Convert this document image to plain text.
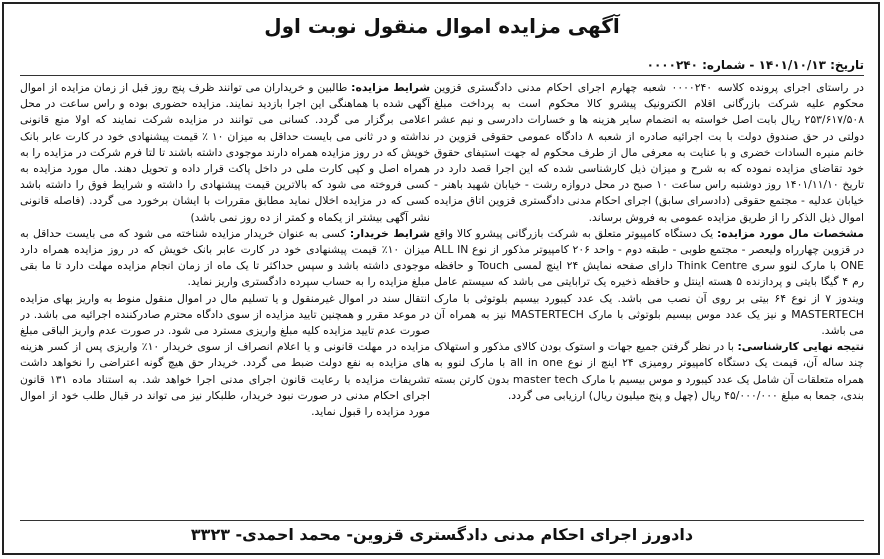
آگهی مزایده اموال منقول نوبت اول
تاریخ: ۱۴۰۱/۱۰/۱۳ - شماره: ۰۰۰۰۲۴۰

در راستای اجرای پرونده کلاسه ۰۰۰۰۲۴۰ شعبه چهارم اجرای احکام مدنی دادگستری قزوین محکوم علیه شرکت بازرگانی اقلام الکترونیک پیشرو کالا محکوم است به پرداخت مبلغ ۲۵۳/۶۱۷/۵۰۸ ریال بابت اصل خواسته به انضمام سایر هزینه ها و خسارات دادرسی و نیم عشر دولتی در حق صندوق دولت با بت اجرائیه صادره از شعبه ۸ دادگاه عمومی حقوقی قزوین در خانم منیره السادات خضری و با عنایت به معرفی مال از طرف محکوم له جهت استیفای حقوق خود تقاضای مزایده نموده که به شرح و میزان ذیل کارشناسی شده که این اجرا قصد دارد در تاریخ ۱۴۰۱/۱۱/۱۰ روز دوشنبه راس ساعت ۱۰ صبح در محل دروازه رشت - خیابان شهید باهنر - خیابان عدلیه - مجتمع حقوقی (دادسرای سابق) اجرای احکام مدنی دادگستری قزوین اتاق مزایده اموال ذیل الذکر را از طریق مزایده عمومی به فروش برساند.

مشخصات مال مورد مزایده: یک دستگاه کامپیوتر متعلق به شرکت بازرگانی پیشرو کالا واقع در قزوین چهارراه ولیعصر - مجتمع طوبی - طبقه دوم - واحد ۲۰۶ کامپیوتر مذکور از نوع ALL IN ONE با مارک لنوو سری Think Centre دارای صفحه نمایش ۲۴ اینچ لمسی Touch و حافظه رم ۴ گیگا بایتی و پردازنده ۵ هسته اینتل و حافظه ذخیره یک ترابایتی می باشد که سیستم عامل ویندوز ۷ از نوع ۶۴ بیتی بر روی آن نصب می باشد. یک عدد کیبورد بیسیم بلوتوثی با مارک MASTERTECH و نیز یک عدد موس بیسیم بلوتوثی با مارک MASTERTECH نیز به همراه آن می باشد.

نتیجه نهایی کارشناسی: با در نظر گرفتن جمیع جهات و استوک بودن کالای مذکور و استهلاک چند ساله آن، قیمت یک دستگاه کامپیوتر رومیزی ۲۴ اینچ از نوع all in one با مارک لنوو به همراه متعلقات آن شامل یک عدد کیبورد و موس بیسیم با مارک master tech بدون کارتن بسته بندی، جمعا به مبلغ ۴۵/۰۰۰/۰۰۰ ریال (چهل و پنج میلیون ریال) ارزیابی می گردد.

شرایط مزایده: طالبین و خریداران می توانند ظرف پنج روز قبل از زمان مزایده از اموال آگهی شده با هماهنگی این اجرا بازدید نمایند. مزایده حضوری بوده و راس ساعت در محل اعلامی برگزار می گردد. کسانی می توانند در مزایده شرکت نمایند که اولا منع قانونی نداشته و در ثانی می بایست حداقل به میزان ۱۰ ٪ قیمت پیشنهادی خود در کارت عابر بانک خویش که در روز مزایده همراه دارند موجودی داشته باشند تا لتا فرم شرکت در مزایده را به همراه اصل و کپی کارت ملی در داخل پاکت قرار داده و تحویل دهند. مال مورد مزایده به کسی فروخته می شود که بالاترین قیمت پیشنهادی را داشته و شرایط فوق را داشته باشد کسی که در مزایده اخلال نماید مطابق مقررات با ایشان برخورد می گردد. (فاصله قانونی نشر آگهی بیشتر از یکماه و کمتر از ده روز نمی باشد)

شرایط خریدار: کسی به عنوان خریدار مزایده شناخته می شود که می بایست حداقل به میزان ۱۰٪ قیمت پیشنهادی خود در کارت عابر بانک خویش که در روز مزایده همراه دارد موجودی داشته باشد و سپس حداکثر تا یک ماه از زمان انجام مزایده مهلت دارد تا ما بقی مبلغ مزایده را به حساب سپرده دادگستری واریز نماید.

انتقال سند در اموال غیرمنقول و یا تسلیم مال در اموال منقول منوط به واریز بهای مزایده در موعد مقرر و همچنین تایید مزایده از سوی دادگاه محترم صادرکننده اجرائیه می باشد. در صورت عدم تایید مزایده کلیه مبلغ واریزی مسترد می شود. در صورت عدم واریز الباقی مبلغ مزایده در مهلت قانونی و یا اعلام انصراف از سوی خریدار ۱۰٪ واریزی پس از کسر هزینه های مزایده به نفع دولت ضبط می گردد. خریدار حق هیچ گونه اعتراضی را نخواهد داشت تشریفات مزایده با رعایت قانون اجرای مدنی اجرا خواهد شد. به استناد ماده ۱۳۱ قانون اجرای احکام مدنی در صورت نبود خریدار، طلبکار نیز می تواند در قبال طلب خود از اموال مورد مزایده را قبول نماید.

دادورز اجرای احکام مدنی دادگستری قزوین- محمد احمدی- ۳۳۲۳
